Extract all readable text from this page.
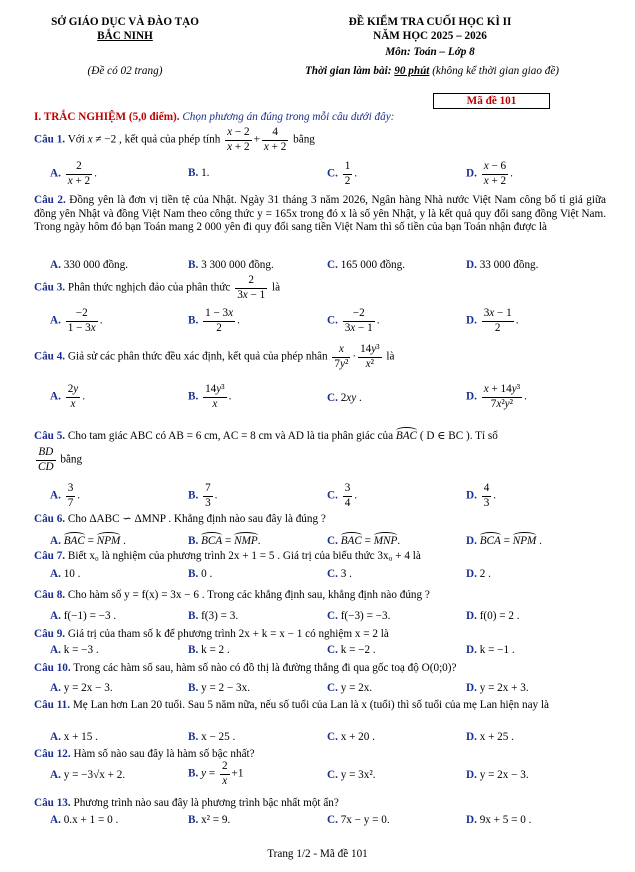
SỞ GIÁO DỤC VÀ ĐÀO TẠO
BẮC NINH
(Đề có 02 trang)
ĐỀ KIỂM TRA CUỐI HỌC KÌ II
NĂM HỌC 2025 – 2026
Môn: Toán – Lớp 8
Thời gian làm bài: 90 phút (không kể thời gian giao đề)
Mã đề 101
I. TRẮC NGHIỆM (5,0 điểm). Chọn phương án đúng trong mỗi câu dưới đây:
Câu 1. Với x ≠ −2 , kết quả của phép tính $\frac{x - 2}{x + 2} + \frac{4}{x + 2}$ bằng
A. $\frac{2}{x + 2}$ .	B. 1.	C. $\frac{1}{2}$ .	D. $\frac{x - 6}{x + 2}$ .
Câu 2. Đồng yên là đơn vị tiền tệ của Nhật. Ngày 31 tháng 3 năm 2026, Ngân hàng Nhà nước Việt Nam công bố tỉ giá giữa đồng yên Nhật và đồng Việt Nam theo công thức y = 165x trong đó x là số yên Nhật, y là kết quả quy đổi sang đồng Việt Nam. Trong ngày hôm đó bạn Toán mang 2 000 yên đi quy đổi sang tiền Việt Nam thì số tiền của bạn Toán nhận được là
A. 330 000 đồng.	B. 3 300 000 đồng.	C. 165 000 đồng.	D. 33 000 đồng.
Câu 3. Phân thức nghịch đảo của phân thức $\frac{2}{3x - 1}$ là
A. $\frac{-2}{1 - 3x}$ .	B. $\frac{1 - 3x}{2}$ .	C. $\frac{-2}{3x - 1}$ .	D. $\frac{3x - 1}{2}$ .
Câu 4. Giả sử các phân thức đều xác định, kết quả của phép nhân $\frac{x}{\text{7y²}} \cdot \frac{\text{14y³}}{\text{x²}}$ là
A. $\frac{2y}{x}$ .	B. $\frac{\text{14y³}}{x}$ .	C. 2xy .	D. $\frac{\text{x + 14y³}}{\text{7x²y²}}$ .
Câu 5. Cho tam giác ABC có AB = 6 cm, AC = 8 cm và AD là tia phân giác của BAC ( D ∈ BC ). Tỉ số
$\frac{BD}{CD}$ bằng
A. $\frac{3}{7}$ .	B. $\frac{7}{3}$ .	C. $\frac{3}{4}$ .	D. $\frac{4}{3}$ .
Câu 6. Cho ΔABC ∽ ΔMNP . Khẳng định nào sau đây là đúng ?
A. BAC = NPM .	B. BCA = NMP.	C. BAC = MNP.	D. BCA = NPM .
Câu 7. Biết x₀ là nghiệm của phương trình 2x + 1 = 5 . Giá trị của biểu thức 3x₀ + 4 là
A. 10 .	B. 0 .	C. 3 .	D. 2 .
Câu 8. Cho hàm số y = f(x) = 3x − 6 . Trong các khẳng định sau, khẳng định nào đúng ?
A. f(−1) = −3 .	B. f(3) = 3.	C. f(−3) = −3.	D. f(0) = 2 .
Câu 9. Giá trị của tham số k để phương trình 2x + k = x − 1 có nghiệm x = 2 là
A. k = −3 .	B. k = 2 .	C. k = −2 .	D. k = −1 .
Câu 10. Trong các hàm số sau, hàm số nào có đồ thị là đường thẳng đi qua gốc toạ độ O(0;0)?
A. y = 2x − 3.	B. y = 2 − 3x.	C. y = 2x.	D. y = 2x + 3.
Câu 11. Mẹ Lan hơn Lan 20 tuổi. Sau 5 năm nữa, nếu số tuổi của Lan là x (tuổi) thì số tuổi của mẹ Lan hiện nay là
A. x + 15 .	B. x − 25 .	C. x + 20 .	D. x + 25 .
Câu 12. Hàm số nào sau đây là hàm số bậc nhất?
A. y = −3√x + 2.	B. $y = \frac{2}{x} +1$	C. y = 3x².	D. y = 2x − 3.
Câu 13. Phương trình nào sau đây là phương trình bậc nhất một ẩn?
A. 0.x + 1 = 0 .	B. x² = 9.	C. 7x − y = 0.	D. 9x + 5 = 0 .
Trang 1/2 - Mã đề 101
